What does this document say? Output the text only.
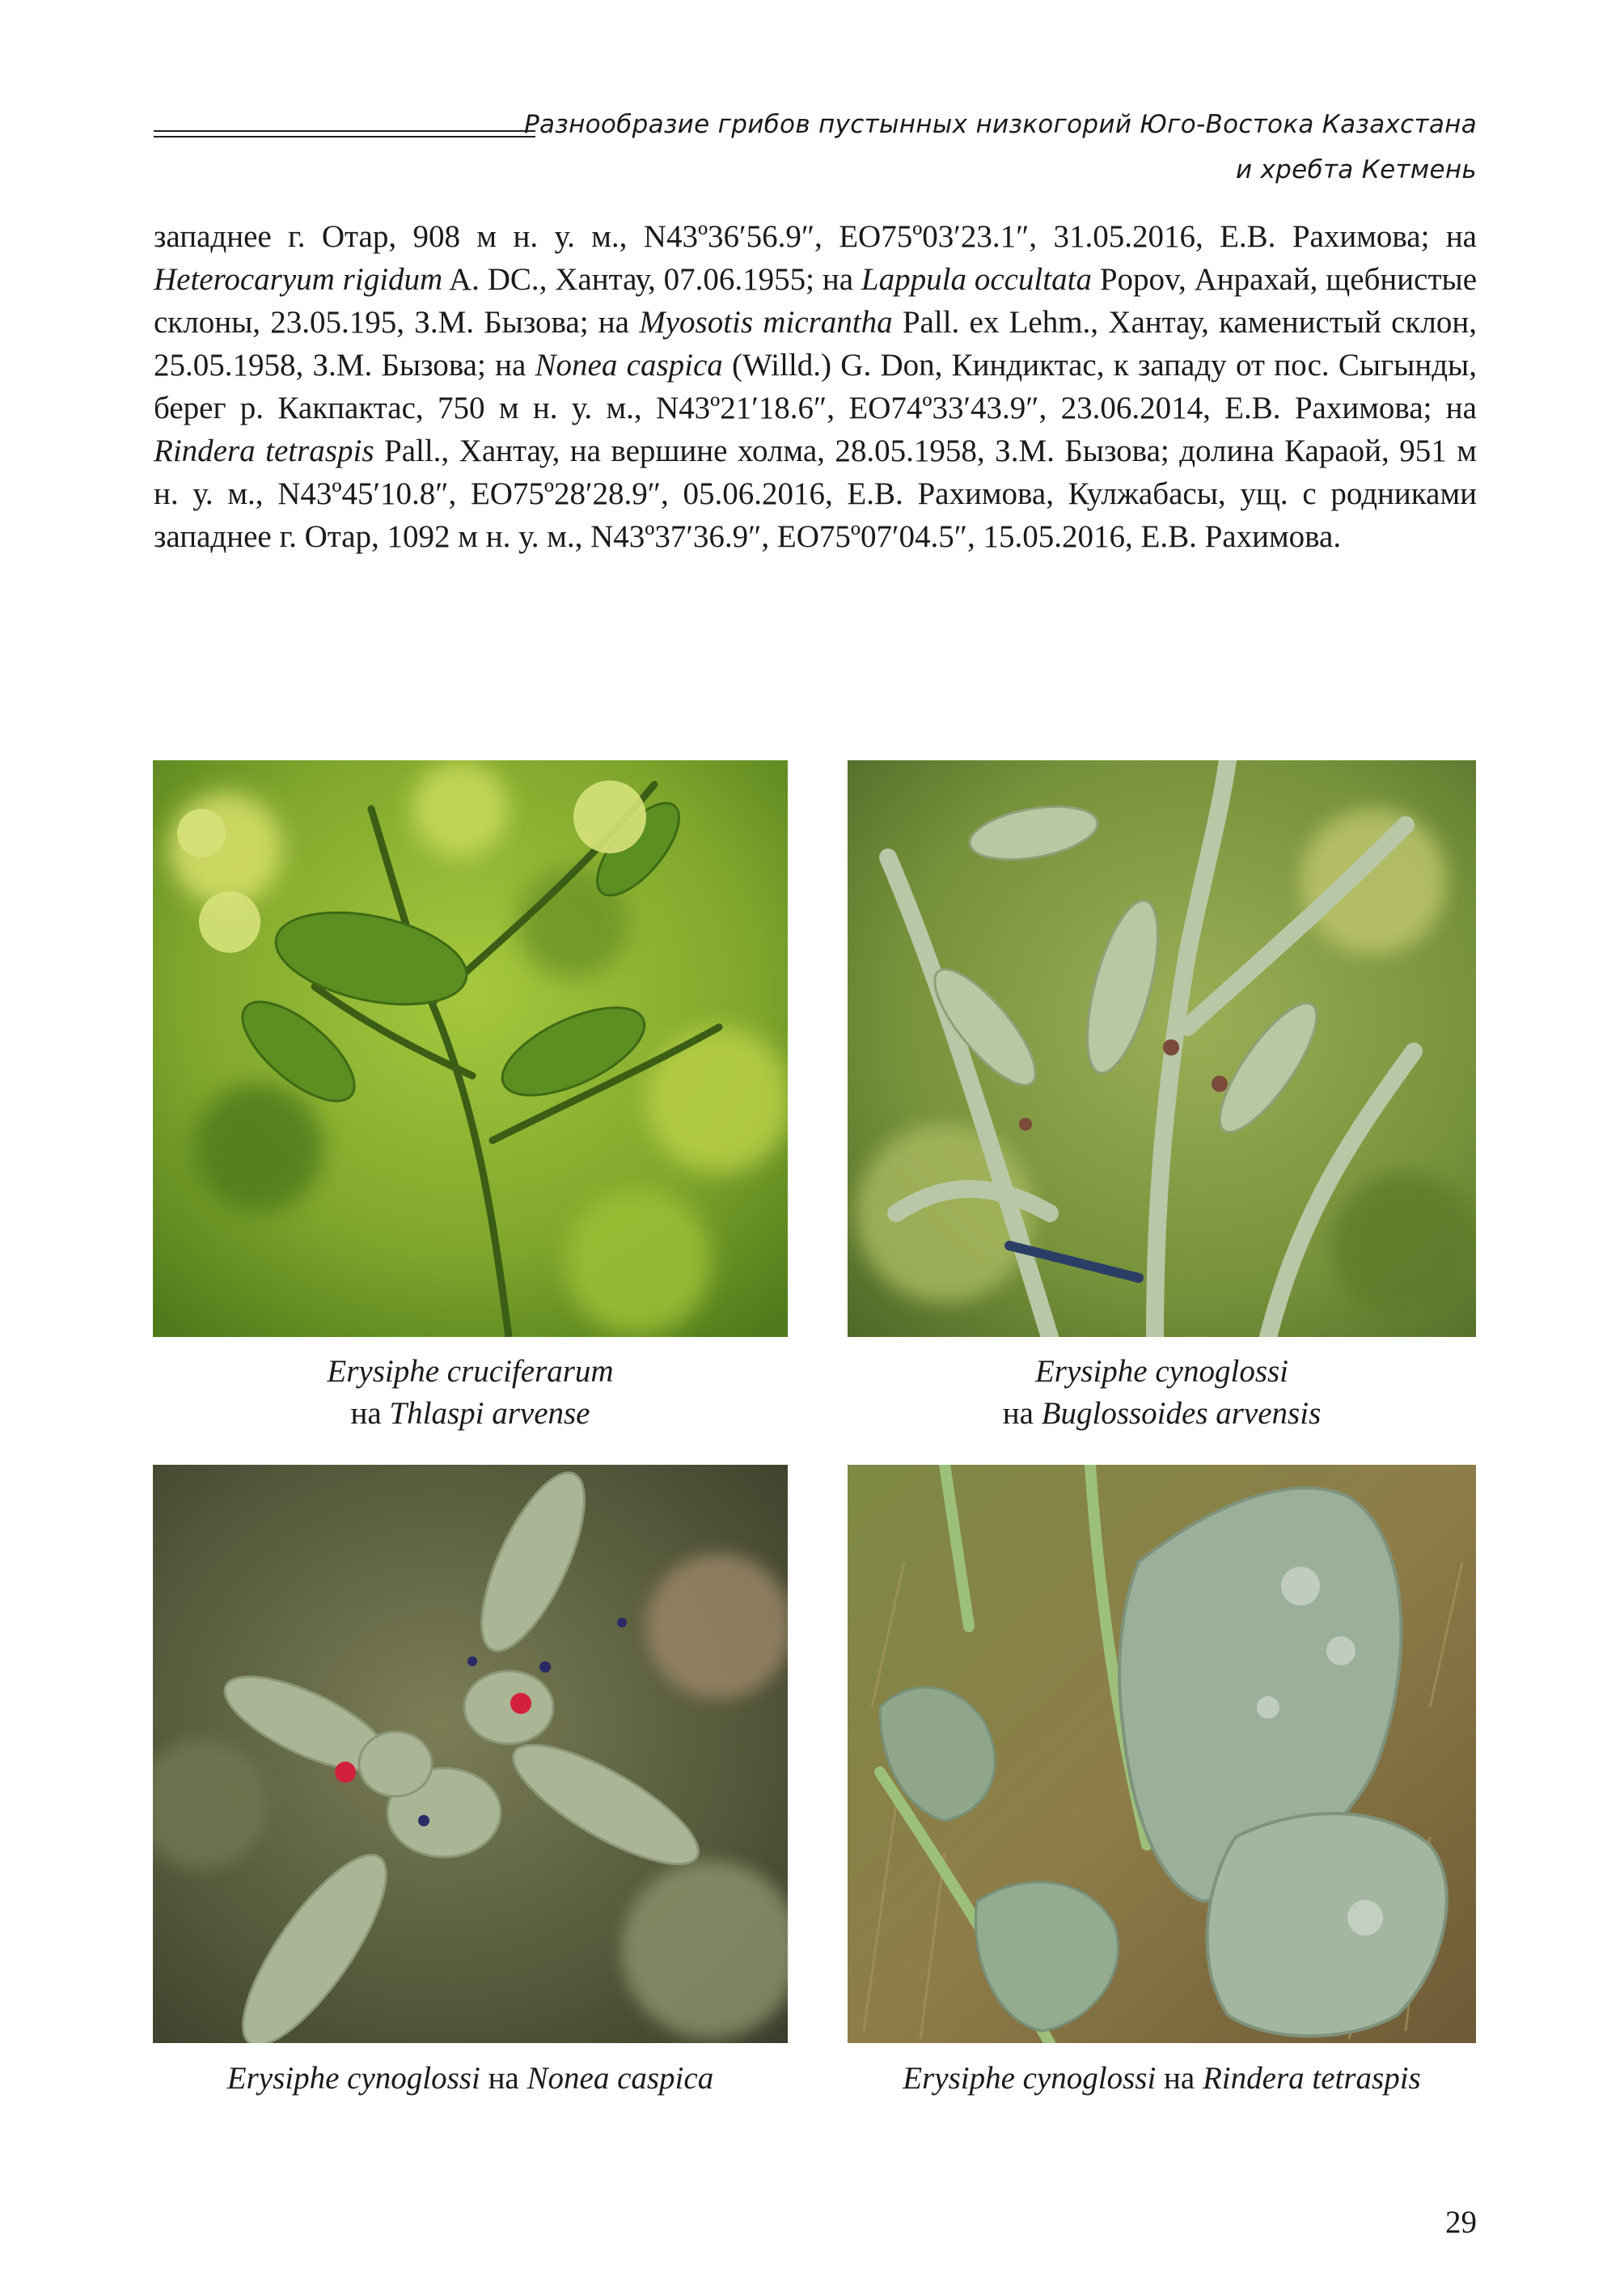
Разнообразие грибов пустынных низкогорий Юго-Востока Казахстана
и хребта Кетмень
западнее г. Отар, 908 м н. у. м., N43º36′56.9″, EO75º03′23.1″, 31.05.2016, Е.В. Рахимова; на Heterocaryum rigidum A. DC., Хантау, 07.06.1955; на Lappula occultata Popov, Анрахай, щебнистые склоны, 23.05.195, З.М. Бызова; на Myosotis micrantha Pall. ex Lehm., Хантау, каменистый склон, 25.05.1958, З.М. Бызова; на Nonea caspica (Willd.) G. Don, Киндиктас, к западу от пос. Сыгынды, берег р. Какпактас, 750 м н. у. м., N43º21′18.6″, EO74º33′43.9″, 23.06.2014, Е.В. Рахимова; на Rindera tetraspis Pall., Хантау, на вершине холма, 28.05.1958, З.М. Бызова; долина Караой, 951 м н. у. м., N43º45′10.8″, EO75º28′28.9″, 05.06.2016, Е.В. Рахимова, Кулжабасы, ущ. с родниками западнее г. Отар, 1092 м н. у. м., N43º37′36.9″, EO75º07′04.5″, 15.05.2016, Е.В. Рахимова.
Erysiphe cruciferarum
на Thlaspi arvense
Erysiphe cynoglossi
на Buglossoides arvensis
Erysiphe cynoglossi на Nonea caspica	Erysiphe cynoglossi на Rindera tetraspis
29
